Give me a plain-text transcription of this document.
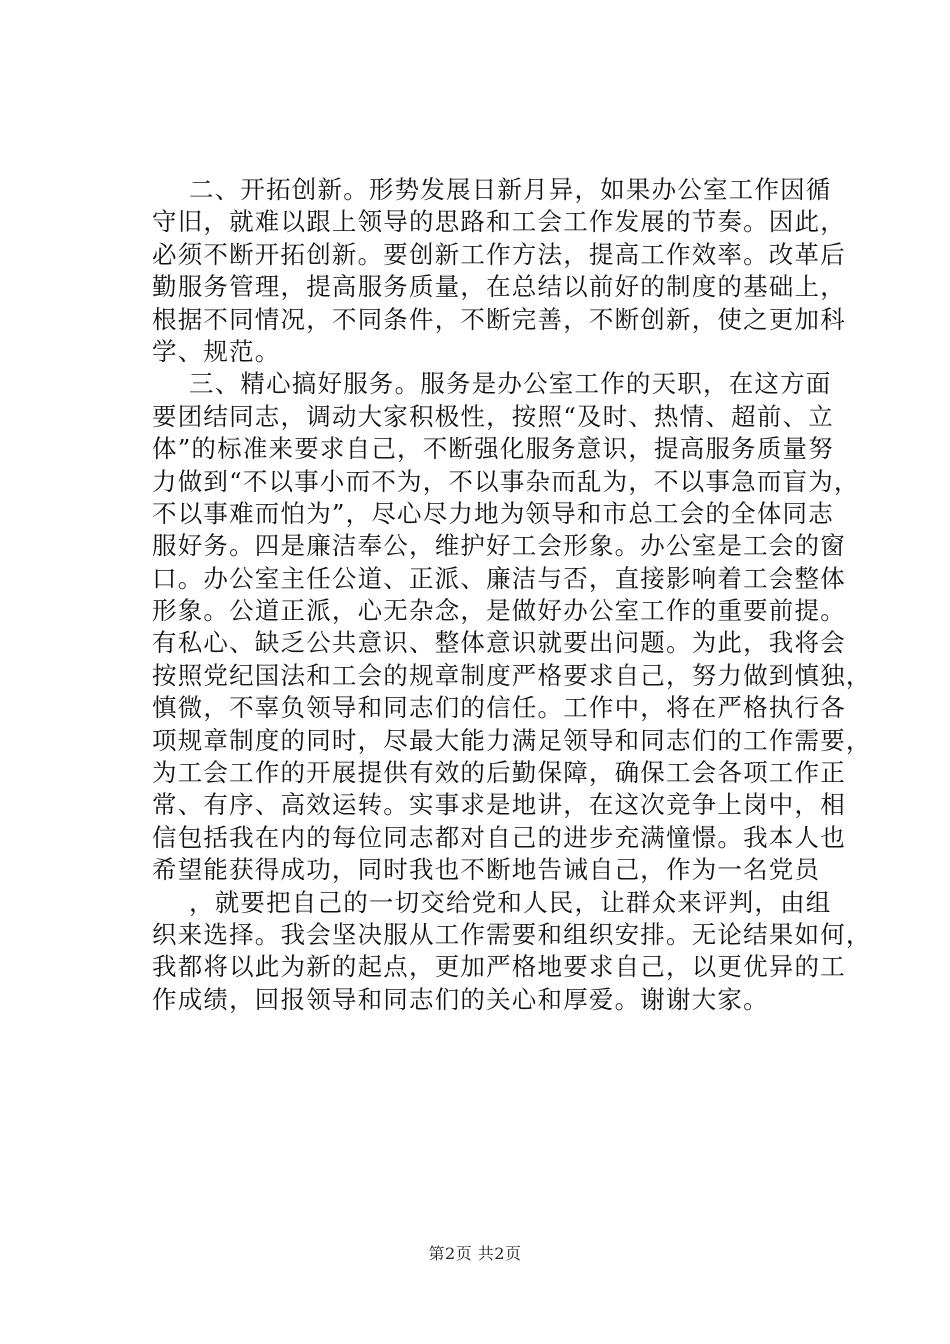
二、开拓创新。形势发展日新月异，如果办公室工作因循
守旧，就难以跟上领导的思路和工会工作发展的节奏。因此，
必须不断开拓创新。要创新工作方法，提高工作效率。改革后
勤服务管理，提高服务质量，在总结以前好的制度的基础上，
根据不同情况，不同条件，不断完善，不断创新，使之更加科
学、规范。
三、精心搞好服务。服务是办公室工作的天职，在这方面
要团结同志，调动大家积极性，按照“及时、热情、超前、立
体”的标准来要求自己，不断强化服务意识，提高服务质量努
力做到“不以事小而不为，不以事杂而乱为，不以事急而盲为，
不以事难而怕为”，尽心尽力地为领导和市总工会的全体同志
服好务。四是廉洁奉公，维护好工会形象。办公室是工会的窗
口。办公室主任公道、正派、廉洁与否，直接影响着工会整体
形象。公道正派，心无杂念，是做好办公室工作的重要前提。
有私心、缺乏公共意识、整体意识就要出问题。为此，我将会
按照党纪国法和工会的规章制度严格要求自己，努力做到慎独，
慎微，不辜负领导和同志们的信任。工作中，将在严格执行各
项规章制度的同时，尽最大能力满足领导和同志们的工作需要，
为工会工作的开展提供有效的后勤保障，确保工会各项工作正
常、有序、高效运转。实事求是地讲，在这次竞争上岗中，相
信包括我在内的每位同志都对自己的进步充满憧憬。我本人也
希望能获得成功，同时我也不断地告诫自己，作为一名党员
，就要把自己的一切交给党和人民，让群众来评判，由组
织来选择。我会坚决服从工作需要和组织安排。无论结果如何，
我都将以此为新的起点，更加严格地要求自己，以更优异的工
作成绩，回报领导和同志们的关心和厚爱。谢谢大家。
第2页 共2页
